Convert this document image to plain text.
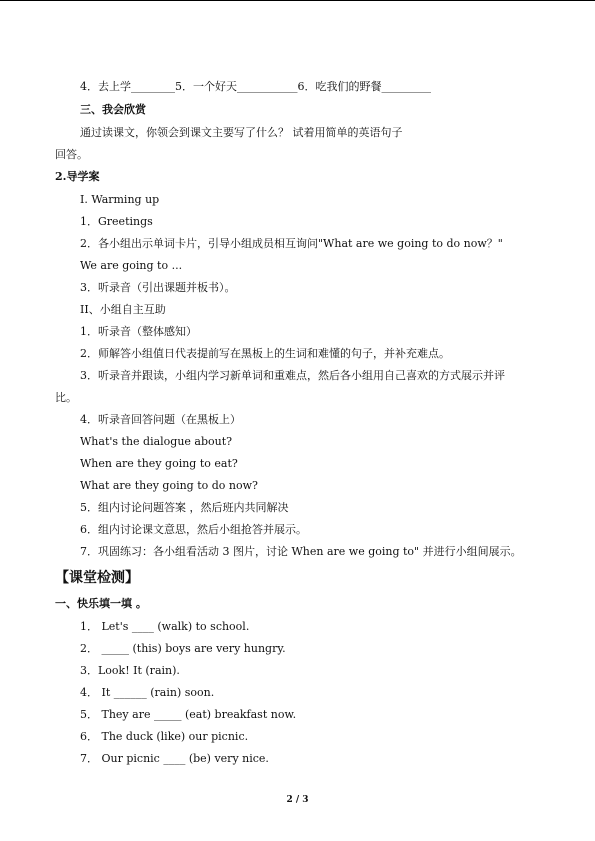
4．去上学________5．一个好天___________6．吃我们的野餐_________
三、我会欣赏
通过读课文，你领会到课文主要写了什么？ 试着用简单的英语句子
回答。
2.导学案
I. Warming up
1．Greetings
2．各小组出示单词卡片，引导小组成员相互询问"What are we going to do now？"
We are going to ...
3．听录音（引出课题并板书）。
II、小组自主互助
1．听录音（整体感知）
2．师解答小组值日代表提前写在黑板上的生词和难懂的句子，并补充难点。
3．听录音并跟读，小组内学习新单词和重难点，然后各小组用自己喜欢的方式展示并评
比。
4．听录音回答问题（在黑板上）
What's the dialogue about?
When are they going to eat?
What are they going to do now?
5．组内讨论问题答案 ，然后班内共同解决
6．组内讨论课文意思，然后小组抢答并展示。
7．巩固练习：各小组看活动 3 图片，讨论 When are we going to" 并进行小组间展示。
【课堂检测】
一、快乐填一填 。
1． Let's ____ (walk) to school.
2． _____ (this) boys are very hungry.
3．Look! It (rain).
4． It ______ (rain) soon.
5． They are _____ (eat) breakfast now.
6． The duck (like) our picnic.
7． Our picnic ____ (be) very nice.
2 / 3
